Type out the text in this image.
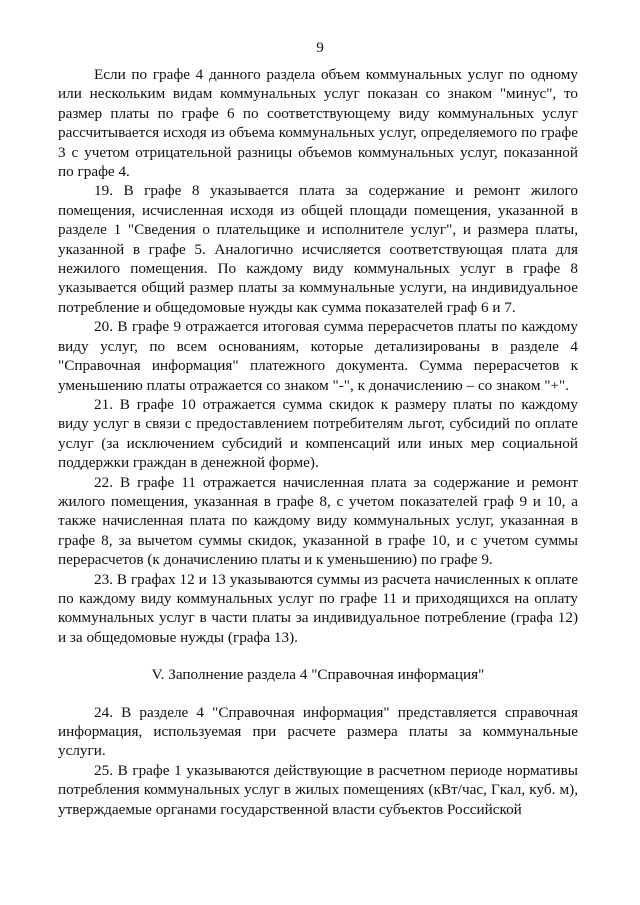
9

Если по графе 4 данного раздела объем коммунальных услуг по одному или нескольким видам коммунальных услуг показан со знаком "минус", то размер платы по графе 6 по соответствующему виду коммунальных услуг рассчитывается исходя из объема коммунальных услуг, определяемого по графе 3 с учетом отрицательной разницы объемов коммунальных услуг, показанной по графе 4.

19. В графе 8 указывается плата за содержание и ремонт жилого помещения, исчисленная исходя из общей площади помещения, указанной в разделе 1 "Сведения о плательщике и исполнителе услуг", и размера платы, указанной в графе 5. Аналогично исчисляется соответствующая плата для нежилого помещения. По каждому виду коммунальных услуг в графе 8 указывается общий размер платы за коммунальные услуги, на индивидуальное потребление и общедомовые нужды как сумма показателей граф 6 и 7.

20. В графе 9 отражается итоговая сумма перерасчетов платы по каждому виду услуг, по всем основаниям, которые детализированы в разделе 4 "Справочная информация" платежного документа. Сумма перерасчетов к уменьшению платы отражается со знаком "-", к доначислению – со знаком "+".

21. В графе 10 отражается сумма скидок к размеру платы по каждому виду услуг в связи с предоставлением потребителям льгот, субсидий по оплате услуг (за исключением субсидий и компенсаций или иных мер социальной поддержки граждан в денежной форме).

22. В графе 11 отражается начисленная плата за содержание и ремонт жилого помещения, указанная в графе 8, с учетом показателей граф 9 и 10, а также начисленная плата по каждому виду коммунальных услуг, указанная в графе 8, за вычетом суммы скидок, указанной в графе 10, и с учетом суммы перерасчетов (к доначислению платы и к уменьшению) по графе 9.

23. В графах 12 и 13 указываются суммы из расчета начисленных к оплате по каждому виду коммунальных услуг по графе 11 и приходящихся на оплату коммунальных услуг в части платы за индивидуальное потребление (графа 12) и за общедомовые нужды (графа 13).

V. Заполнение раздела 4 "Справочная информация"

24. В разделе 4 "Справочная информация" представляется справочная информация, используемая при расчете размера платы за коммунальные услуги.

25. В графе 1 указываются действующие в расчетном периоде нормативы потребления коммунальных услуг в жилых помещениях (кВт/час, Гкал, куб. м), утверждаемые органами государственной власти субъектов Российской
